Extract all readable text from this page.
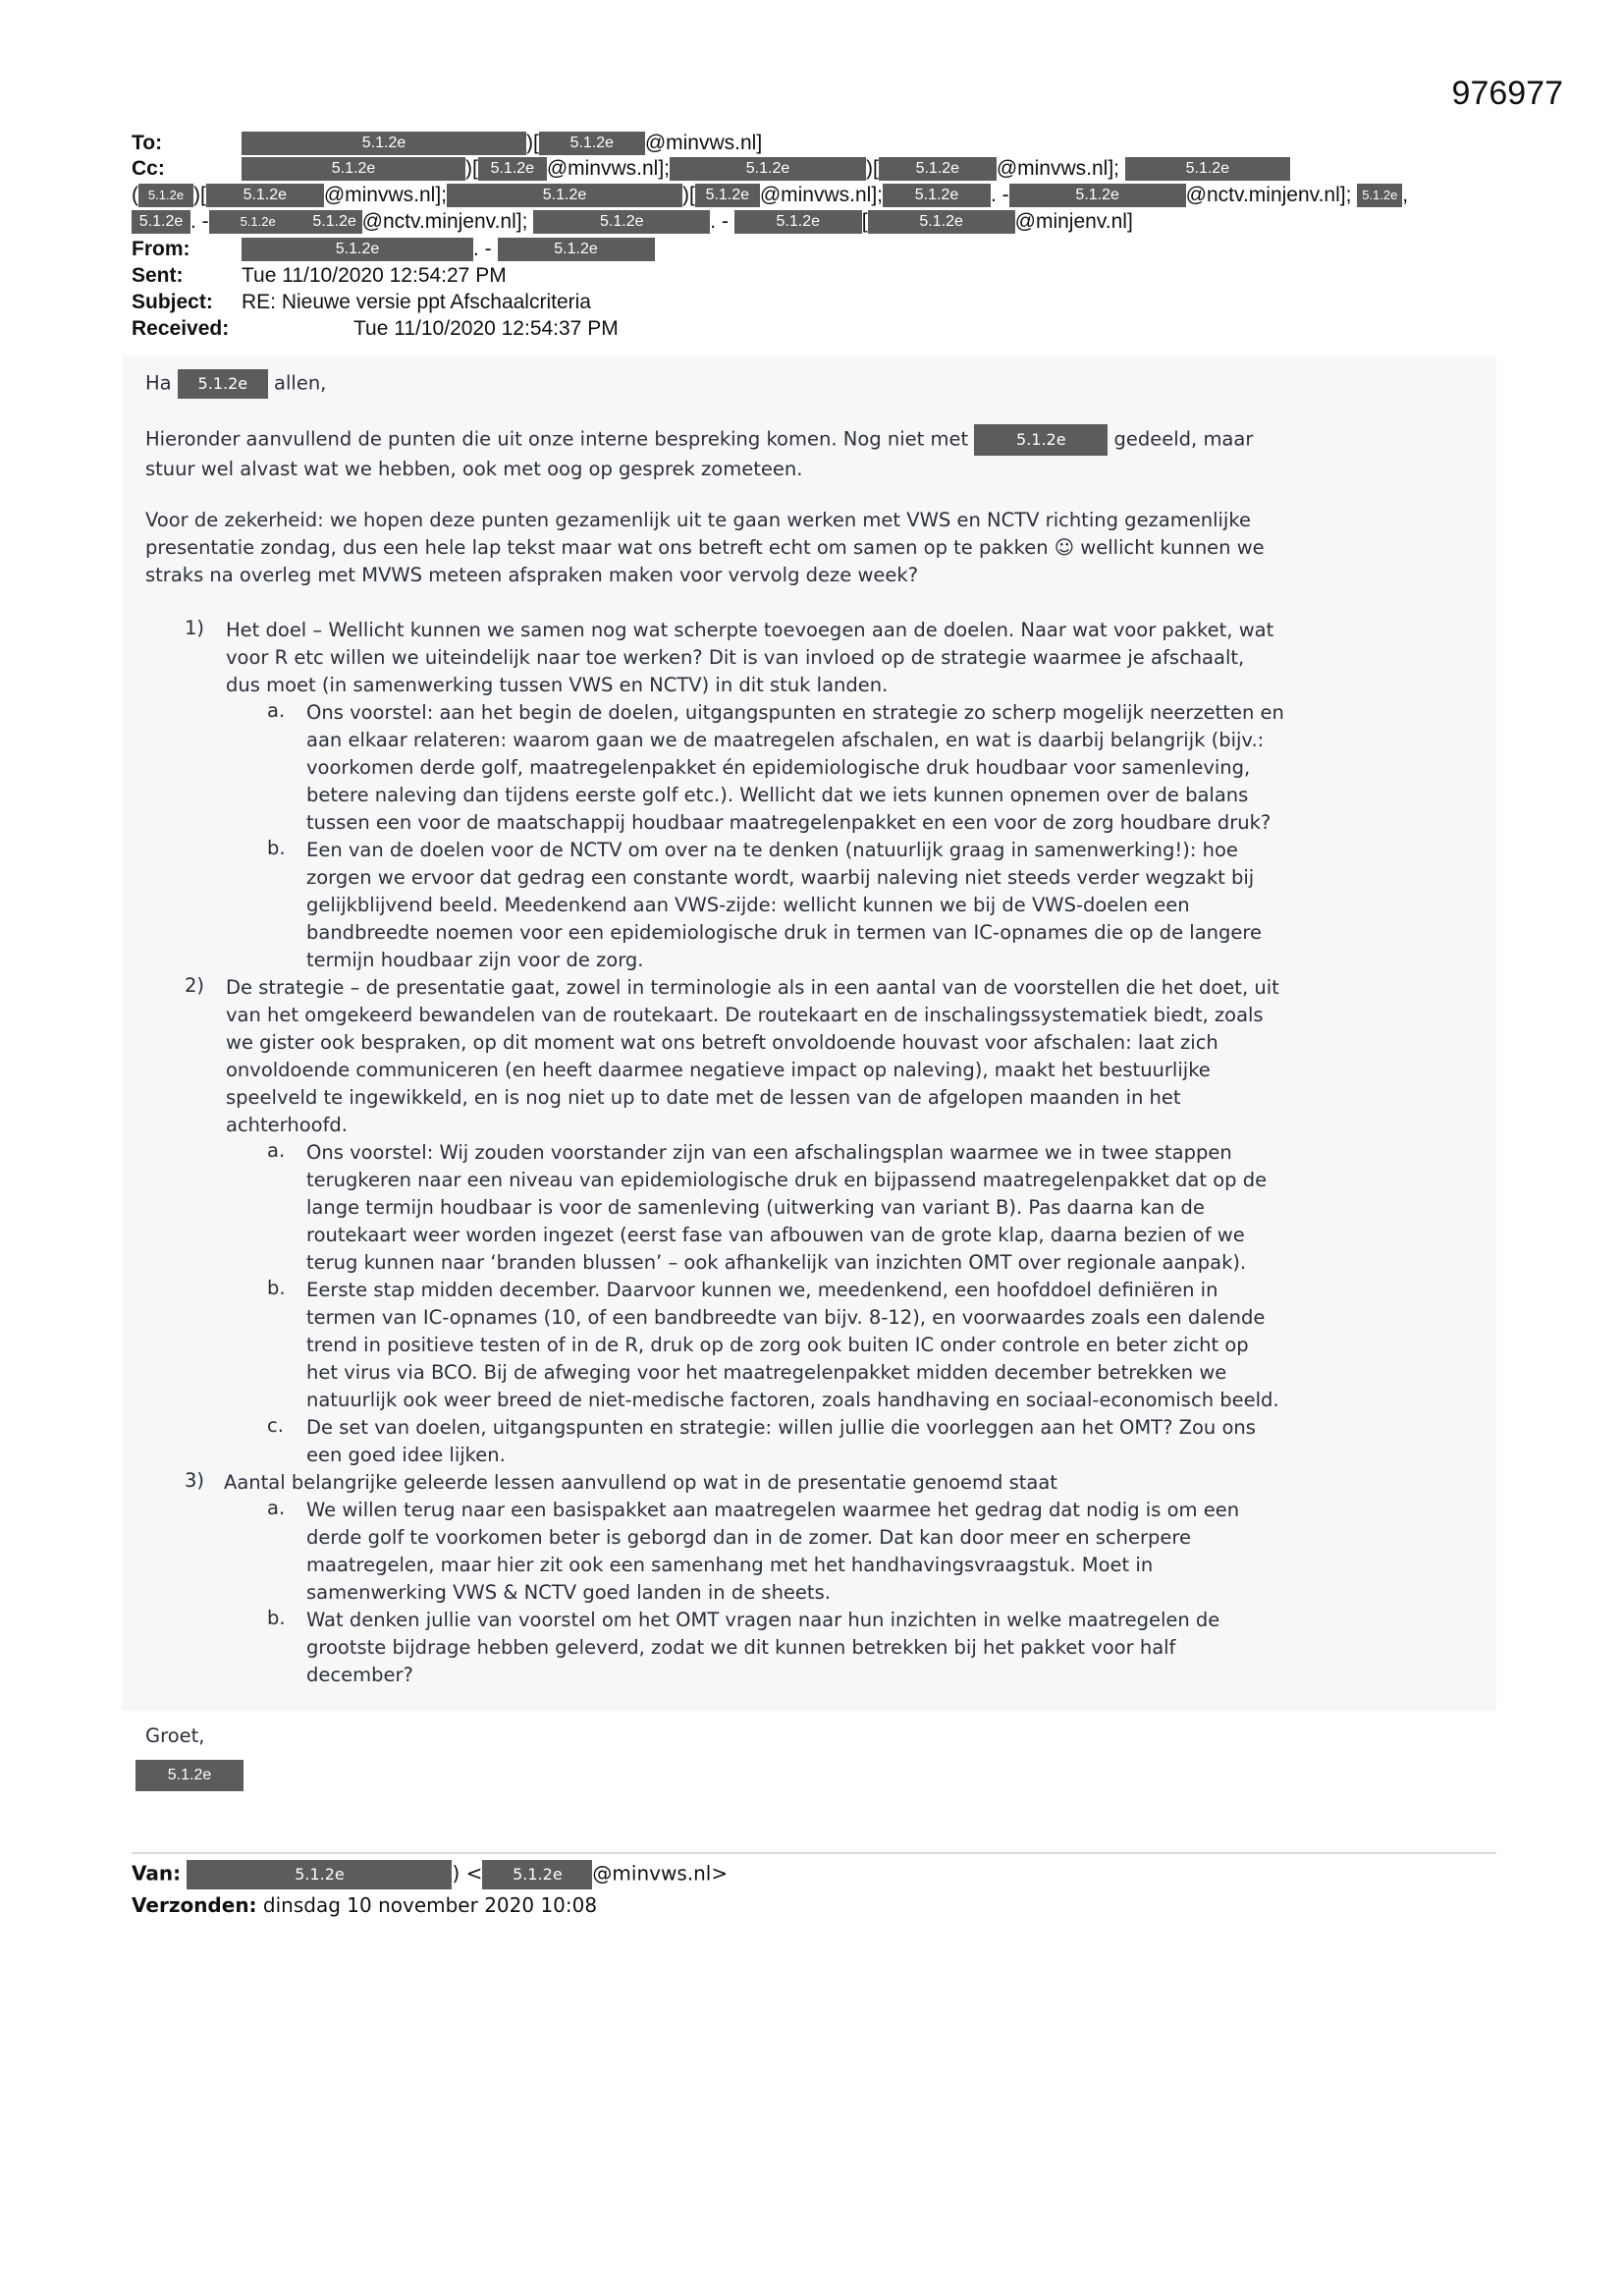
976977
To:	5.1.2e	)[ 5.1.2e @minvws.nl]
Cc:	5.1.2e	)[ 5.1.2e @minvws.nl];	5.1.2e	)[ 5.1.2e @minvws.nl];	5.1.2e
( 5.1.2e )[ 5.1.2e @minvws.nl];	5.1.2e	)[ 5.1.2e @minvws.nl]; 5.1.2e . -	5.1.2e	@nctv.minjenv.nl]; 5.1.2e ,
5.1.2e . - 5.1.2e 5.1.2e @nctv.minjenv.nl];	5.1.2e	. -	5.1.2e [	5.1.2e	@minjenv.nl]
From:	5.1.2e	. -	5.1.2e
Sent:	Tue 11/10/2020 12:54:27 PM
Subject: RE: Nieuwe versie ppt Afschaalcriteria
Received:	Tue 11/10/2020 12:54:37 PM
Ha 5.1.2e allen,
Hieronder aanvullend de punten die uit onze interne bespreking komen. Nog niet met	5.1.2e	gedeeld, maar
stuur wel alvast wat we hebben, ook met oog op gesprek zometeen.
Voor de zekerheid: we hopen deze punten gezamenlijk uit te gaan werken met VWS en NCTV richting gezamenlijke
presentatie zondag, dus een hele lap tekst maar wat ons betreft echt om samen op te pakken ☺ wellicht kunnen we
straks na overleg met MVWS meteen afspraken maken voor vervolg deze week?
1) Het doel – Wellicht kunnen we samen nog wat scherpte toevoegen aan de doelen. Naar wat voor pakket, wat
voor R etc willen we uiteindelijk naar toe werken? Dit is van invloed op de strategie waarmee je afschaalt,
dus moet (in samenwerking tussen VWS en NCTV) in dit stuk landen.
a. Ons voorstel: aan het begin de doelen, uitgangspunten en strategie zo scherp mogelijk neerzetten en
aan elkaar relateren: waarom gaan we de maatregelen afschalen, en wat is daarbij belangrijk (bijv.:
voorkomen derde golf, maatregelenpakket én epidemiologische druk houdbaar voor samenleving,
betere naleving dan tijdens eerste golf etc.). Wellicht dat we iets kunnen opnemen over de balans
tussen een voor de maatschappij houdbaar maatregelenpakket en een voor de zorg houdbare druk?
b. Een van de doelen voor de NCTV om over na te denken (natuurlijk graag in samenwerking!): hoe
zorgen we ervoor dat gedrag een constante wordt, waarbij naleving niet steeds verder wegzakt bij
gelijkblijvend beeld. Meedenkend aan VWS-zijde: wellicht kunnen we bij de VWS-doelen een
bandbreedte noemen voor een epidemiologische druk in termen van IC-opnames die op de langere
termijn houdbaar zijn voor de zorg.
2) De strategie – de presentatie gaat, zowel in terminologie als in een aantal van de voorstellen die het doet, uit
van het omgekeerd bewandelen van de routekaart. De routekaart en de inschalingssystematiek biedt, zoals
we gister ook bespraken, op dit moment wat ons betreft onvoldoende houvast voor afschalen: laat zich
onvoldoende communiceren (en heeft daarmee negatieve impact op naleving), maakt het bestuurlijke
speelveld te ingewikkeld, en is nog niet up to date met de lessen van de afgelopen maanden in het
achterhoofd.
a. Ons voorstel: Wij zouden voorstander zijn van een afschalingsplan waarmee we in twee stappen
terugkeren naar een niveau van epidemiologische druk en bijpassend maatregelenpakket dat op de
lange termijn houdbaar is voor de samenleving (uitwerking van variant B). Pas daarna kan de
routekaart weer worden ingezet (eerst fase van afbouwen van de grote klap, daarna bezien of we
terug kunnen naar ‘branden blussen’ – ook afhankelijk van inzichten OMT over regionale aanpak).
b. Eerste stap midden december. Daarvoor kunnen we, meedenkend, een hoofddoel definiëren in
termen van IC-opnames (10, of een bandbreedte van bijv. 8-12), en voorwaardes zoals een dalende
trend in positieve testen of in de R, druk op de zorg ook buiten IC onder controle en beter zicht op
het virus via BCO. Bij de afweging voor het maatregelenpakket midden december betrekken we
natuurlijk ook weer breed de niet-medische factoren, zoals handhaving en sociaal-economisch beeld.
c. De set van doelen, uitgangspunten en strategie: willen jullie die voorleggen aan het OMT? Zou ons
een goed idee lijken.
3) Aantal belangrijke geleerde lessen aanvullend op wat in de presentatie genoemd staat
a. We willen terug naar een basispakket aan maatregelen waarmee het gedrag dat nodig is om een
derde golf te voorkomen beter is geborgd dan in de zomer. Dat kan door meer en scherpere
maatregelen, maar hier zit ook een samenhang met het handhavingsvraagstuk. Moet in
samenwerking VWS & NCTV goed landen in de sheets.
b. Wat denken jullie van voorstel om het OMT vragen naar hun inzichten in welke maatregelen de
grootste bijdrage hebben geleverd, zodat we dit kunnen betrekken bij het pakket voor half
december?
Groet,
5.1.2e
Van:	5.1.2e	) < 5.1.2e @minvws.nl>
Verzonden: dinsdag 10 november 2020 10:08
